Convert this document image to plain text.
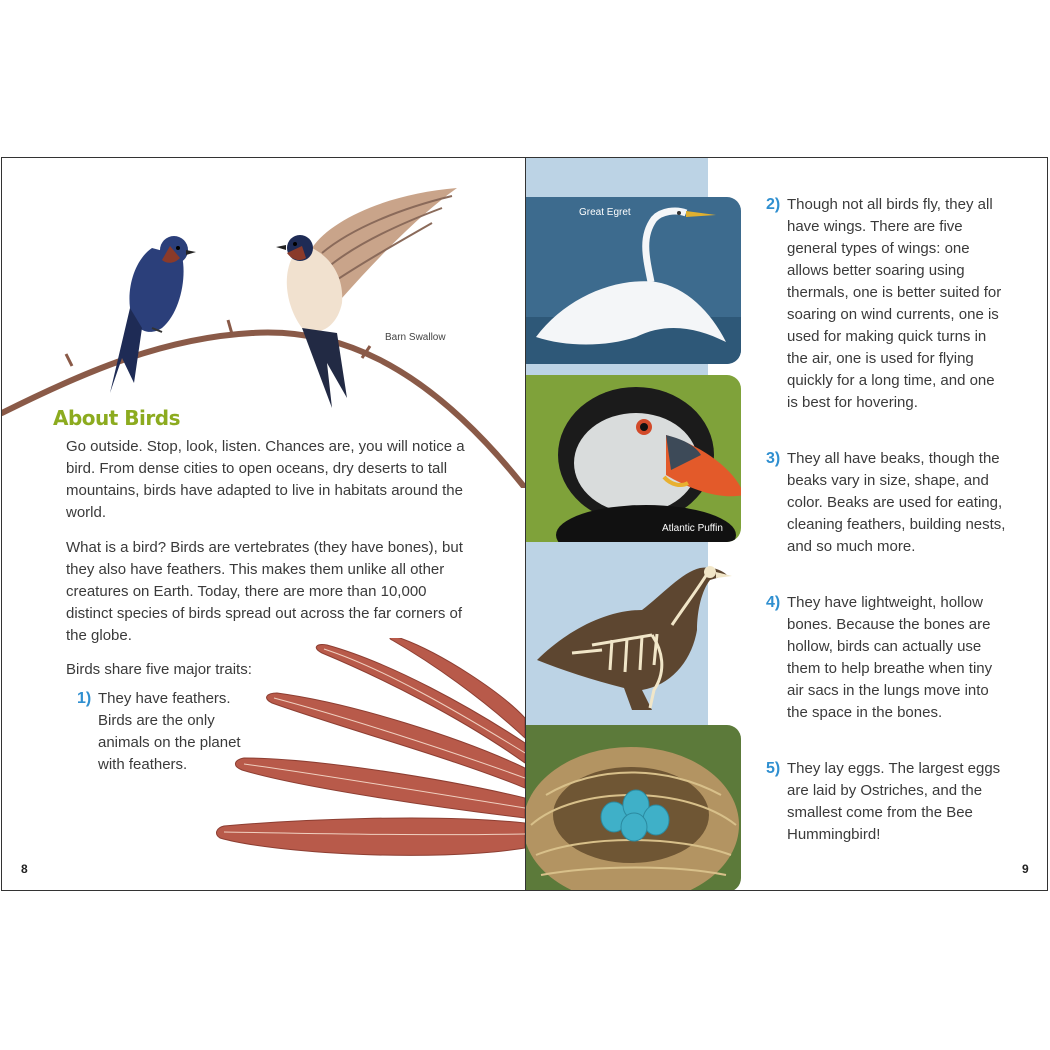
Barn Swallow
About Birds

Go outside. Stop, look, listen. Chances are, you will notice a bird. From dense cities to open oceans, dry deserts to tall mountains, birds have adapted to live in habitats around the world.

What is a bird? Birds are vertebrates (they have bones), but they also have feathers. This makes them unlike all other creatures on Earth. Today, there are more than 10,000 distinct species of birds spread out across the far corners of the globe.

Birds share five major traits:

1) They have feathers. Birds are the only animals on the planet with feathers.
8
Great Egret
Atlantic Puffin
2) Though not all birds fly, they all have wings. There are five general types of wings: one allows better soaring using thermals, one is better suited for soaring on wind currents, one is used for making quick turns in the air, one is used for flying quickly for a long time, and one is best for hovering.
3) They all have beaks, though the beaks vary in size, shape, and color. Beaks are used for eating, cleaning feathers, building nests, and so much more.
4) They have lightweight, hollow bones. Because the bones are hollow, birds can actually use them to help breathe when tiny air sacs in the lungs move into the space in the bones.
5) They lay eggs. The largest eggs are laid by Ostriches, and the smallest come from the Bee Hummingbird!
9
